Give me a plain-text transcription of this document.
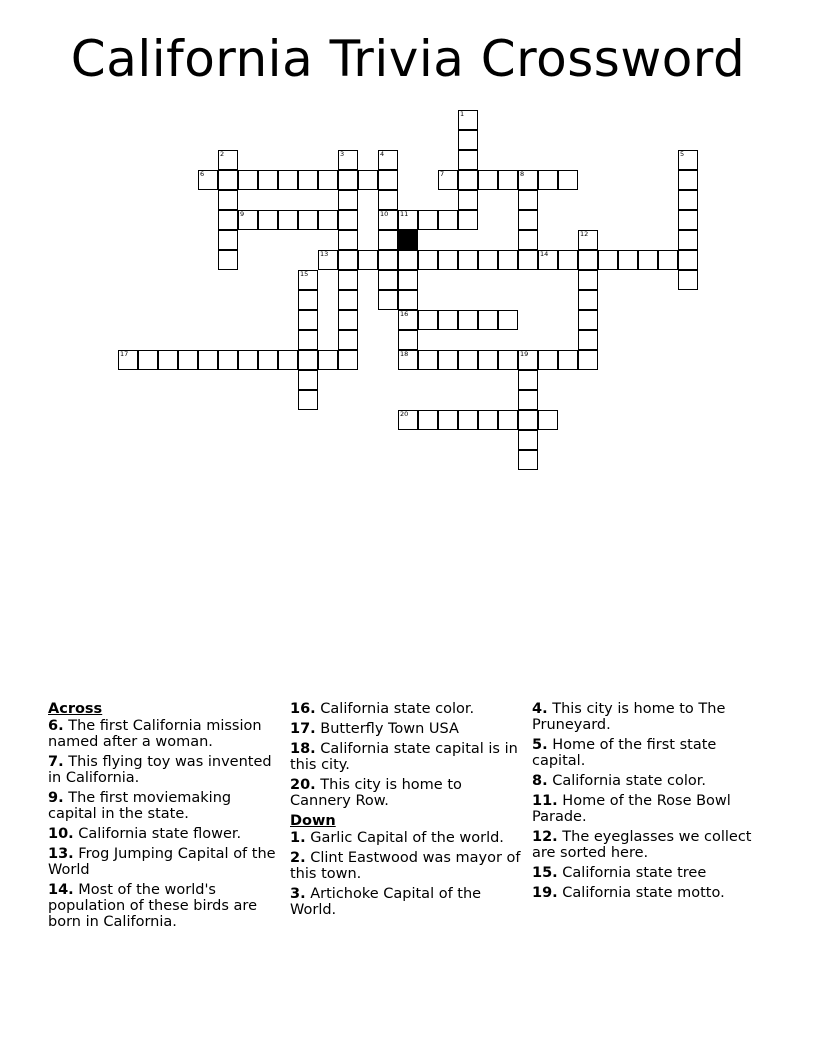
California Trivia Crossword
1
2	3	4
10
5
6	7	8
9	11
16
12
13	14
15
17	18	19
20
Across
6. The first California mission named after a woman.
7. This flying toy was invented in California.
9. The first moviemaking capital in the state.
10. California state flower.
13. Frog Jumping Capital of the World
14. Most of the world's population of these birds are born in California.
16. California state color.
17. Butterfly Town USA
18. California state capital is in this city.
20. This city is home to Cannery Row.
Down
1. Garlic Capital of the world.
2. Clint Eastwood was mayor of this town.
3. Artichoke Capital of the World.
4. This city is home to The Pruneyard.
5. Home of the first state capital.
8. California state color.
11. Home of the Rose Bowl Parade.
12. The eyeglasses we collect are sorted here.
15. California state tree
19. California state motto.
